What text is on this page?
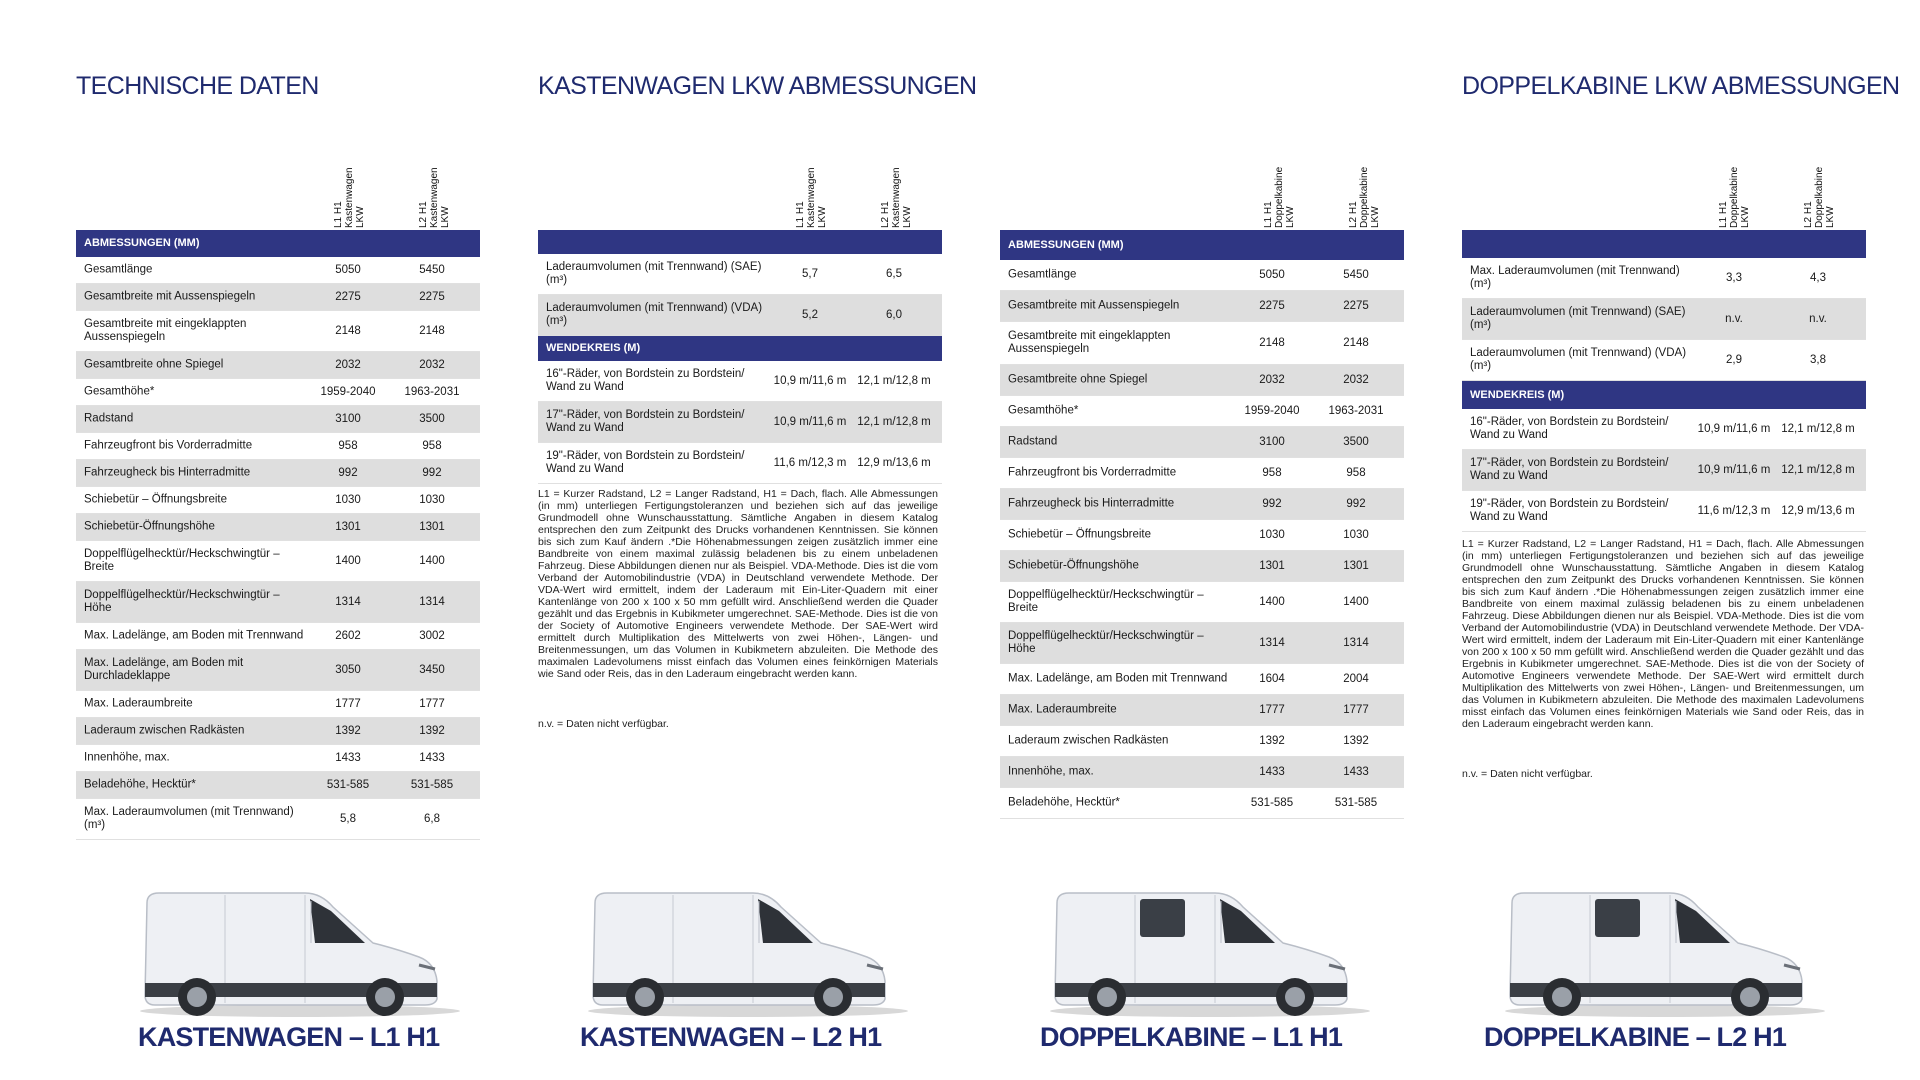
TECHNISCHE DATEN
L1 H1
Kastenwagen
LKW	L2 H1
Kastenwagen
LKW
ABMESSUNGEN (MM)
Gesamtlänge	5050	5450
Gesamtbreite mit Aussenspiegeln	2275	2275
Gesamtbreite mit eingeklappten Aussenspiegeln	2148	2148
Gesamtbreite ohne Spiegel	2032	2032
Gesamthöhe*	1959-2040	1963-2031
Radstand	3100	3500
Fahrzeugfront bis Vorderradmitte	958	958
Fahrzeugheck bis Hinterradmitte	992	992
Schiebetür – Öffnungsbreite	1030	1030
Schiebetür-Öffnungshöhe	1301	1301
Doppelflügelhecktür/Heckschwingtür – Breite	1400	1400
Doppelflügelhecktür/Heckschwingtür – Höhe	1314	1314
Max. Ladelänge, am Boden mit Trennwand	2602	3002
Max. Ladelänge, am Boden mit Durchladeklappe	3050	3450
Max. Laderaumbreite	1777	1777
Laderaum zwischen Radkästen	1392	1392
Innenhöhe, max.	1433	1433
Beladehöhe, Hecktür*	531-585	531-585
Max. Laderaumvolumen (mit Trennwand) (m³)	5,8	6,8
KASTENWAGEN LKW ABMESSUNGEN
L1 H1
Kastenwagen
LKW	L2 H1
Kastenwagen
LKW
Laderaumvolumen (mit Trennwand) (SAE) (m³)	5,7	6,5
Laderaumvolumen (mit Trennwand) (VDA) (m³)	5,2	6,0
WENDEKREIS (M)
16"-Räder, von Bordstein zu Bordstein/ Wand zu Wand	10,9 m/11,6 m 12,1 m/12,8 m
17"-Räder, von Bordstein zu Bordstein/ Wand zu Wand	10,9 m/11,6 m 12,1 m/12,8 m
19"-Räder, von Bordstein zu Bordstein/ Wand zu Wand	11,6 m/12,3 m 12,9 m/13,6 m
L1 = Kurzer Radstand, L2 = Langer Radstand, H1 = Dach, flach. Alle Abmessungen (in mm) unterliegen Fertigungstoleranzen und beziehen sich auf das jeweilige Grundmodell ohne Wunschausstattung. Sämtliche Angaben in diesem Katalog entsprechen den zum Zeitpunkt des Drucks vorhandenen Kenntnissen. Sie können bis sich zum Kauf ändern .*Die Höhenabmessungen zeigen zusätzlich immer eine Bandbreite von einem maximal zulässig beladenen bis zu einem unbeladenen Fahrzeug. Diese Abbildungen dienen nur als Beispiel. VDA-Methode. Dies ist die vom Verband der Automobilindustrie (VDA) in Deutschland verwendete Methode. Der VDA-Wert wird ermittelt, indem der Laderaum mit Ein-Liter-Quadern mit einer Kantenlänge von 200 x 100 x 50 mm gefüllt wird. Anschließend werden die Quader gezählt und das Ergebnis in Kubikmeter umgerechnet. SAE-Methode. Dies ist die von der Society of Automotive Engineers verwendete Methode. Der SAE-Wert wird ermittelt durch Multiplikation des Mittelwerts von zwei Höhen-, Längen- und Breitenmessungen, um das Volumen in Kubikmetern abzuleiten. Die Methode des maximalen Ladevolumens misst einfach das Volumen eines feinkörnigen Materials wie Sand oder Reis, das in den Laderaum eingebracht werden kann.
n.v. = Daten nicht verfügbar.
L1 H1
Doppelkabine
LKW	L2 H1
Doppelkabine
LKW
ABMESSUNGEN (MM)
Gesamtlänge	5050	5450
Gesamtbreite mit Aussenspiegeln	2275	2275
Gesamtbreite mit eingeklappten Aussenspiegeln	2148	2148
Gesamtbreite ohne Spiegel	2032	2032
Gesamthöhe*	1959-2040	1963-2031
Radstand	3100	3500
Fahrzeugfront bis Vorderradmitte	958	958
Fahrzeugheck bis Hinterradmitte	992	992
Schiebetür – Öffnungsbreite	1030	1030
Schiebetür-Öffnungshöhe	1301	1301
Doppelflügelhecktür/Heckschwingtür – Breite	1400	1400
Doppelflügelhecktür/Heckschwingtür – Höhe	1314	1314
Max. Ladelänge, am Boden mit Trennwand	1604	2004
Max. Laderaumbreite	1777	1777
Laderaum zwischen Radkästen	1392	1392
Innenhöhe, max.	1433	1433
Beladehöhe, Hecktür*	531-585	531-585
DOPPELKABINE LKW ABMESSUNGEN
L1 H1
Doppelkabine
LKW	L2 H1
Doppelkabine
LKW
Max. Laderaumvolumen (mit Trennwand) (m³)	3,3	4,3
Laderaumvolumen (mit Trennwand) (SAE) (m³)	n.v.	n.v.
Laderaumvolumen (mit Trennwand) (VDA) (m³)	2,9	3,8
WENDEKREIS (M)
16"-Räder, von Bordstein zu Bordstein/ Wand zu Wand	10,9 m/11,6 m 12,1 m/12,8 m
17"-Räder, von Bordstein zu Bordstein/ Wand zu Wand	10,9 m/11,6 m 12,1 m/12,8 m
19"-Räder, von Bordstein zu Bordstein/ Wand zu Wand	11,6 m/12,3 m 12,9 m/13,6 m
L1 = Kurzer Radstand, L2 = Langer Radstand, H1 = Dach, flach. Alle Abmessungen (in mm) unterliegen Fertigungstoleranzen und beziehen sich auf das jeweilige Grundmodell ohne Wunschausstattung. Sämtliche Angaben in diesem Katalog entsprechen den zum Zeitpunkt des Drucks vorhandenen Kenntnissen. Sie können bis sich zum Kauf ändern .*Die Höhenabmessungen zeigen zusätzlich immer eine Bandbreite von einem maximal zulässig beladenen bis zu einem unbeladenen Fahrzeug. Diese Abbildungen dienen nur als Beispiel. VDA-Methode. Dies ist die vom Verband der Automobilindustrie (VDA) in Deutschland verwendete Methode. Der VDA-Wert wird ermittelt, indem der Laderaum mit Ein-Liter-Quadern mit einer Kantenlänge von 200 x 100 x 50 mm gefüllt wird. Anschließend werden die Quader gezählt und das Ergebnis in Kubikmeter umgerechnet. SAE-Methode. Dies ist die von der Society of Automotive Engineers verwendete Methode. Der SAE-Wert wird ermittelt durch Multiplikation des Mittelwerts von zwei Höhen-, Längen- und Breitenmessungen, um das Volumen in Kubikmetern abzuleiten. Die Methode des maximalen Ladevolumens misst einfach das Volumen eines feinkörnigen Materials wie Sand oder Reis, das in den Laderaum eingebracht werden kann.
n.v. = Daten nicht verfügbar.
KASTENWAGEN – L1 H1	KASTENWAGEN – L2 H1	DOPPELKABINE – L1 H1	DOPPELKABINE – L2 H1
